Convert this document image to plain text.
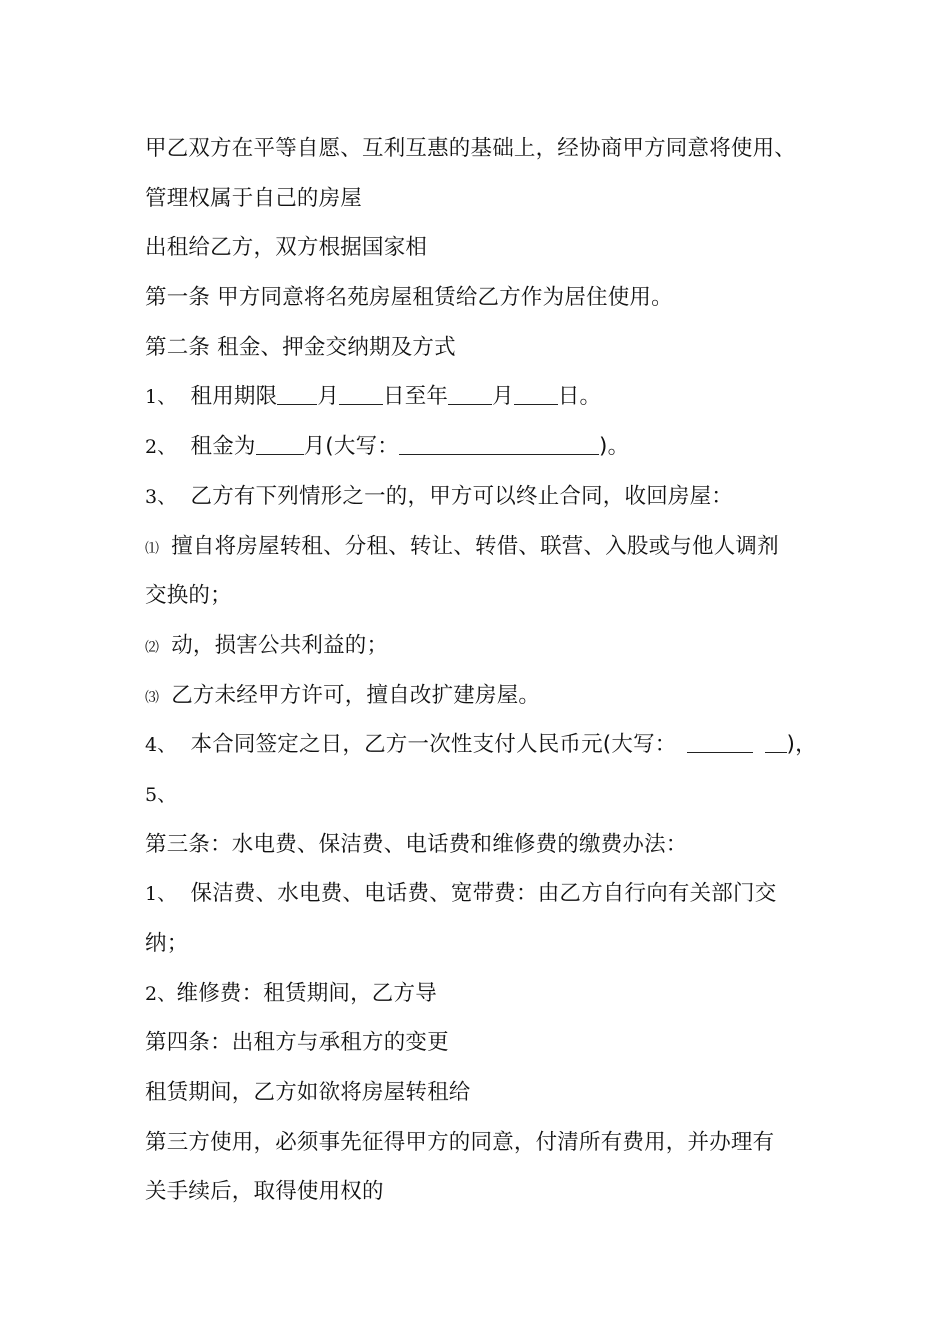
甲乙双方在平等自愿、互利互惠的基础上，经协商甲方同意将使用、
管理权属于自己的房屋
出租给乙方，双方根据国家相
第一条 甲方同意将名苑房屋租赁给乙方作为居住使用。
第二条 租金、押金交纳期及方式
1、 租用期限 月 日至年 月 日。
2、 租金为 月(大写：	)。
3、 乙方有下列情形之一的，甲方可以终止合同，收回房屋：
⑴ 擅自将房屋转租、分租、转让、转借、联营、入股或与他人调剂
交换的；
⑵ 动，损害公共利益的；
⑶ 乙方未经甲方许可，擅自改扩建房屋。
4、 本合同签定之日，乙方一次性支付人民币元(大写：	)，
5、
第三条：水电费、保洁费、电话费和维修费的缴费办法：
1、 保洁费、水电费、电话费、宽带费：由乙方自行向有关部门交
纳；
2、维修费：租赁期间，乙方导
第四条：出租方与承租方的变更
租赁期间，乙方如欲将房屋转租给
第三方使用，必须事先征得甲方的同意，付清所有费用，并办理有
关手续后，取得使用权的
